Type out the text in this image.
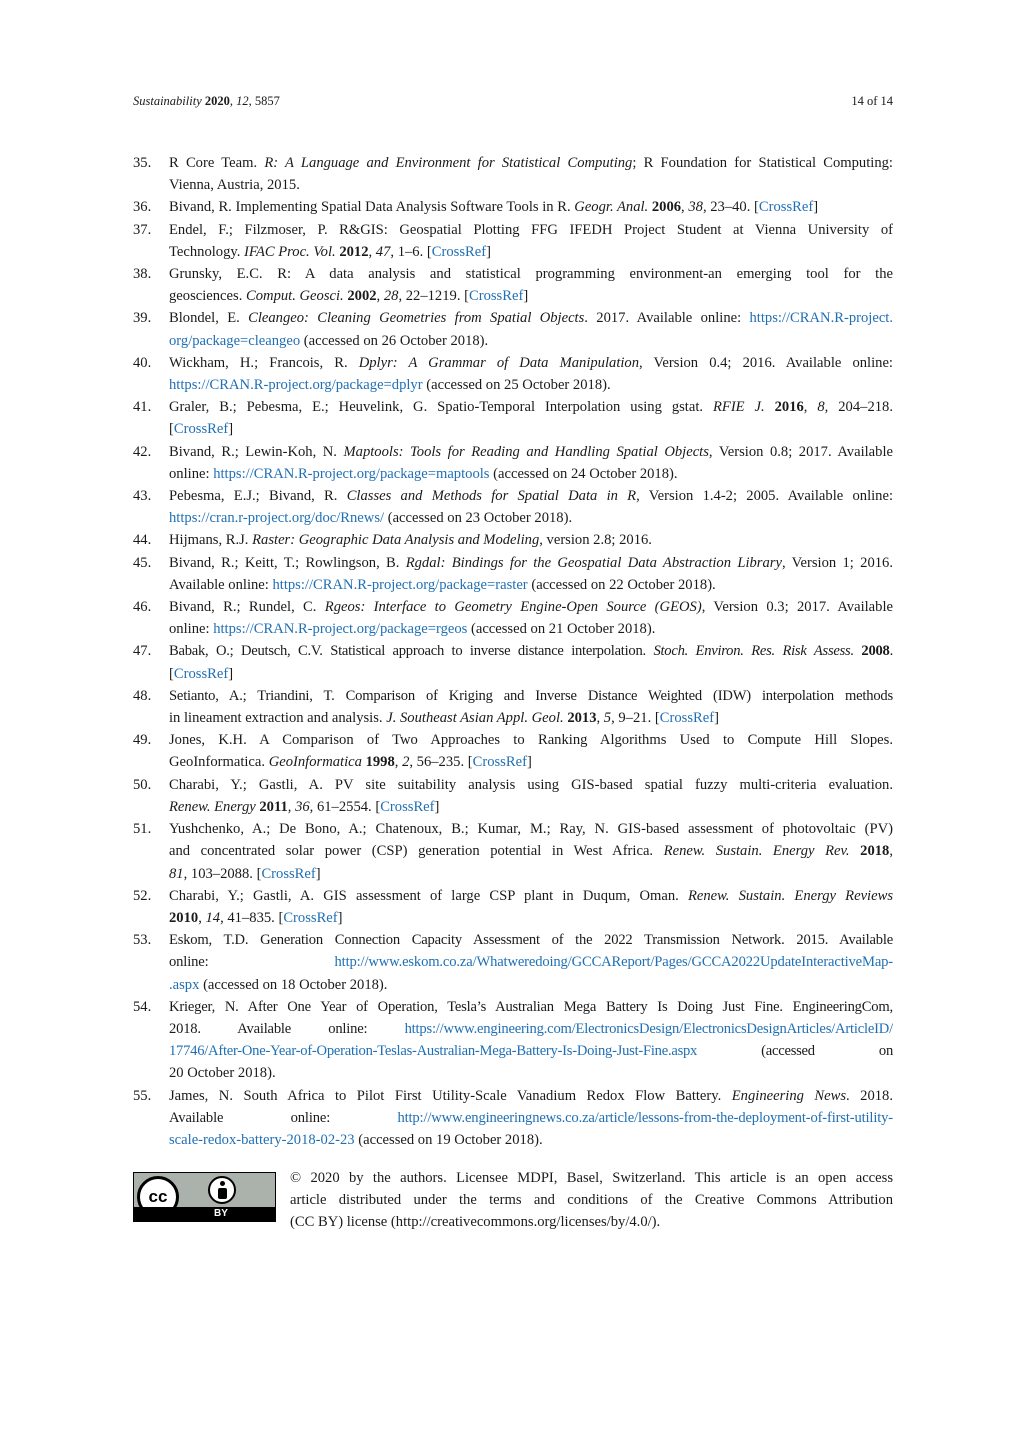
Sustainability 2020, 12, 5857	14 of 14
35. R Core Team. R: A Language and Environment for Statistical Computing; R Foundation for Statistical Computing:
Vienna, Austria, 2015.
36. Bivand, R. Implementing Spatial Data Analysis Software Tools in R. Geogr. Anal. 2006, 38, 23–40. [CrossRef]
37. Endel, F.; Filzmoser, P. R&GIS: Geospatial Plotting FFG IFEDH Project Student at Vienna University of
Technology. IFAC Proc. Vol. 2012, 47, 1–6. [CrossRef]
38. Grunsky, E.C. R: A data analysis and statistical programming environment-an emerging tool for the
geosciences. Comput. Geosci. 2002, 28, 22–1219. [CrossRef]
39. Blondel, E. Cleangeo: Cleaning Geometries from Spatial Objects. 2017. Available online: https://CRAN.R-project.
org/package=cleangeo (accessed on 26 October 2018).
40. Wickham, H.; Francois, R. Dplyr: A Grammar of Data Manipulation, Version 0.4; 2016. Available online:
https://CRAN.R-project.org/package=dplyr (accessed on 25 October 2018).
41. Graler, B.; Pebesma, E.; Heuvelink, G. Spatio-Temporal Interpolation using gstat. RFIE J. 2016, 8, 204–218.
[CrossRef]
42. Bivand, R.; Lewin-Koh, N. Maptools: Tools for Reading and Handling Spatial Objects, Version 0.8; 2017. Available
online: https://CRAN.R-project.org/package=maptools (accessed on 24 October 2018).
43. Pebesma, E.J.; Bivand, R. Classes and Methods for Spatial Data in R, Version 1.4-2; 2005. Available online:
https://cran.r-project.org/doc/Rnews/ (accessed on 23 October 2018).
44. Hijmans, R.J. Raster: Geographic Data Analysis and Modeling, version 2.8; 2016.
45. Bivand, R.; Keitt, T.; Rowlingson, B. Rgdal: Bindings for the Geospatial Data Abstraction Library, Version 1; 2016.
Available online: https://CRAN.R-project.org/package=raster (accessed on 22 October 2018).
46. Bivand, R.; Rundel, C. Rgeos: Interface to Geometry Engine-Open Source (GEOS), Version 0.3; 2017. Available
online: https://CRAN.R-project.org/package=rgeos (accessed on 21 October 2018).
47. Babak, O.; Deutsch, C.V. Statistical approach to inverse distance interpolation. Stoch. Environ. Res. Risk Assess. 2008.
[CrossRef]
48. Setianto, A.; Triandini, T. Comparison of Kriging and Inverse Distance Weighted (IDW) interpolation methods
in lineament extraction and analysis. J. Southeast Asian Appl. Geol. 2013, 5, 9–21. [CrossRef]
49. Jones, K.H. A Comparison of Two Approaches to Ranking Algorithms Used to Compute Hill Slopes.
GeoInformatica. GeoInformatica 1998, 2, 56–235. [CrossRef]
50. Charabi, Y.; Gastli, A. PV site suitability analysis using GIS-based spatial fuzzy multi-criteria evaluation.
Renew. Energy 2011, 36, 61–2554. [CrossRef]
51. Yushchenko, A.; De Bono, A.; Chatenoux, B.; Kumar, M.; Ray, N. GIS-based assessment of photovoltaic (PV)
and concentrated solar power (CSP) generation potential in West Africa. Renew. Sustain. Energy Rev. 2018,
81, 103–2088. [CrossRef]
52. Charabi, Y.; Gastli, A. GIS assessment of large CSP plant in Duqum, Oman. Renew. Sustain. Energy Reviews
2010, 14, 41–835. [CrossRef]
53. Eskom, T.D. Generation Connection Capacity Assessment of the 2022 Transmission Network. 2015. Available
online:	http://www.eskom.co.za/Whatweredoing/GCCAReport/Pages/GCCA2022UpdateInteractiveMap-
.aspx (accessed on 18 October 2018).
54. Krieger, N. After One Year of Operation, Tesla’s Australian Mega Battery Is Doing Just Fine. EngineeringCom,
2018. Available online:	https://www.engineering.com/ElectronicsDesign/ElectronicsDesignArticles/ArticleID/
17746/After-One-Year-of-Operation-Teslas-Australian-Mega-Battery-Is-Doing-Just-Fine.aspx	(accessed on
20 October 2018).
55. James, N. South Africa to Pilot First Utility-Scale Vanadium Redox Flow Battery. Engineering News. 2018.
Available online:	http://www.engineeringnews.co.za/article/lessons-from-the-deployment-of-first-utility-
scale-redox-battery-2018-02-23 (accessed on 19 October 2018).
cc
BY
© 2020 by the authors. Licensee MDPI, Basel, Switzerland. This article is an open access
article distributed under the terms and conditions of the Creative Commons Attribution
(CC BY) license (http://creativecommons.org/licenses/by/4.0/).
